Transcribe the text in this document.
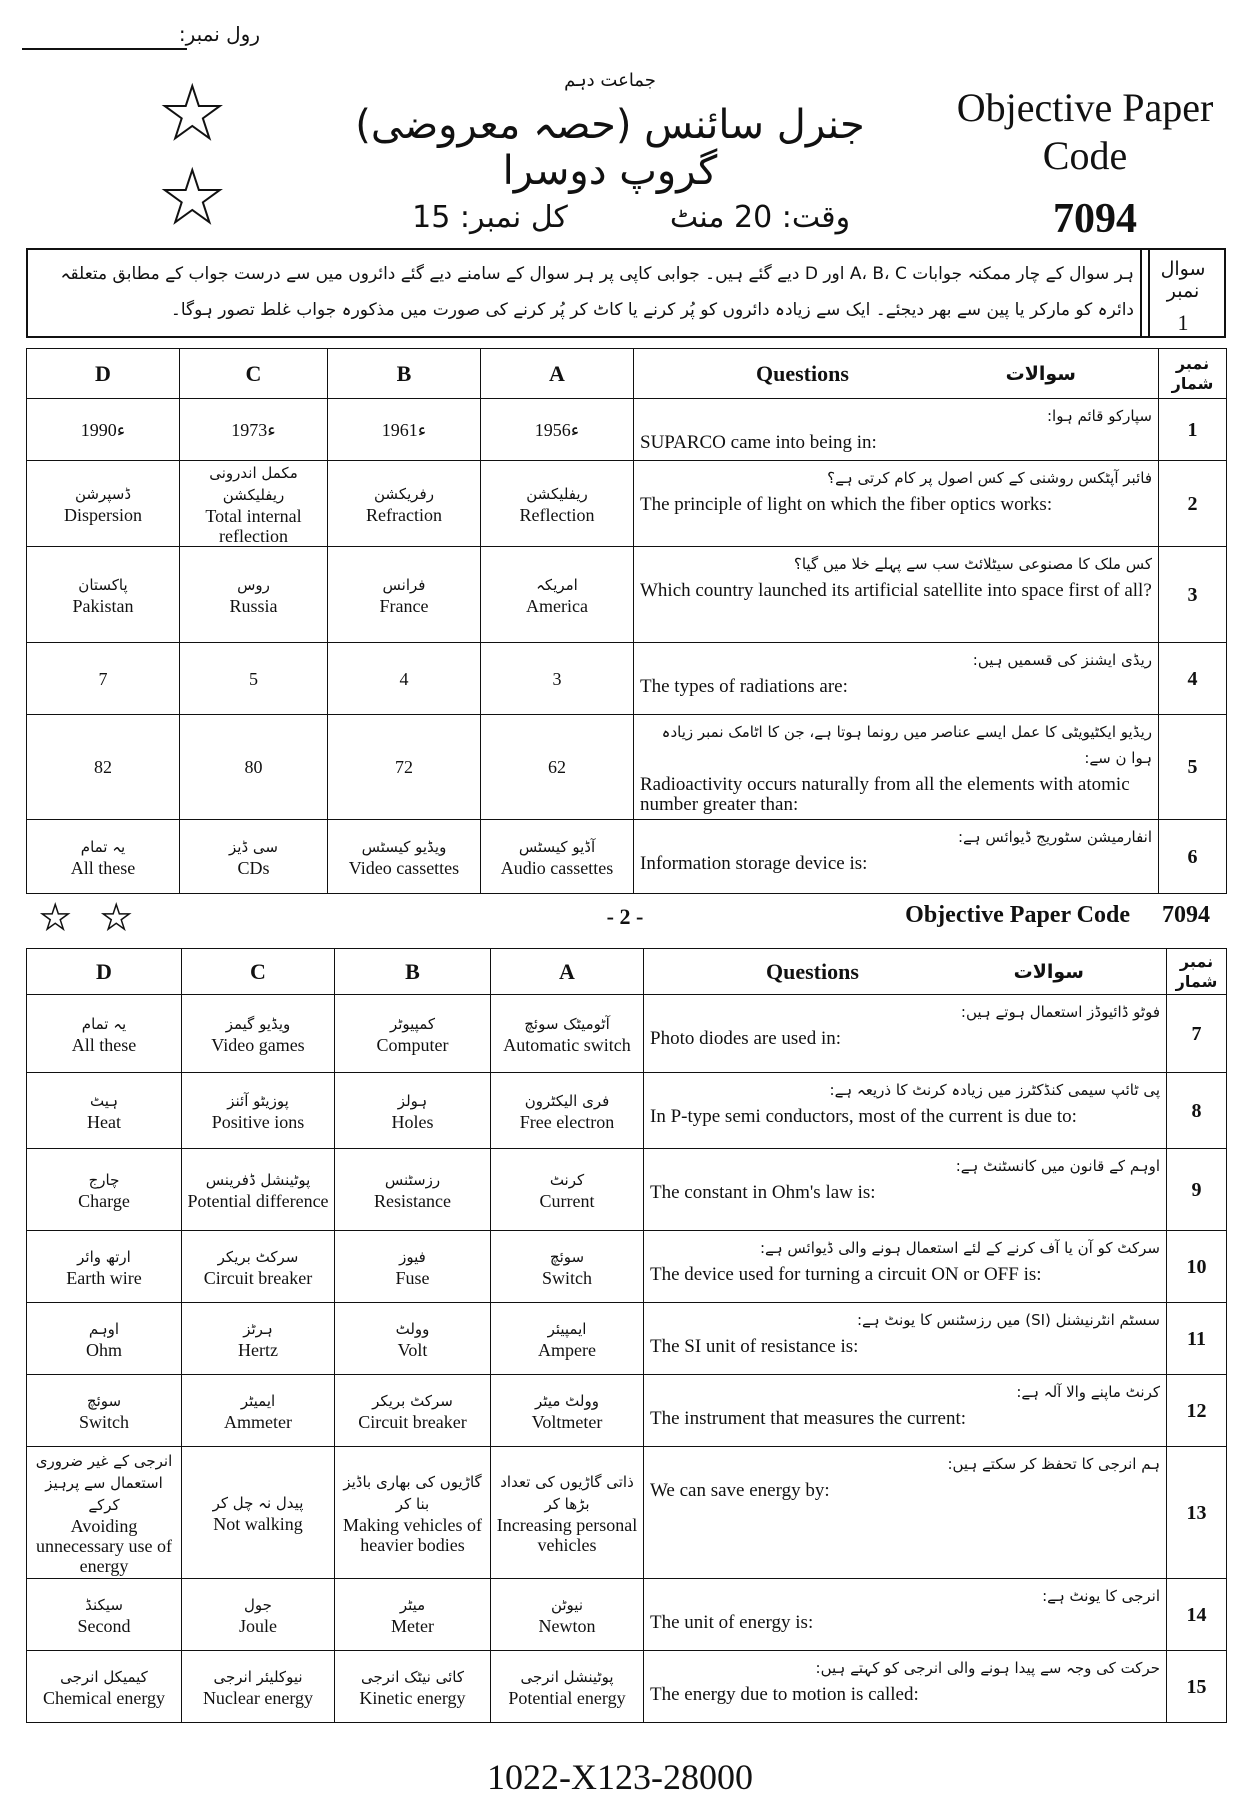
رول نمبر:
★
★
جماعت دہم
جنرل سائنس (حصہ معروضی) گروپ دوسرا
وقت: 20 منٹ
کل نمبر: 15
Objective Paper
Code
7094
سوال نمبر
1
ہر سوال کے چار ممکنہ جوابات A، B، C اور D دیے گئے ہیں۔ جوابی کاپی پر ہر سوال کے سامنے دیے گئے دائروں میں سے درست جواب کے مطابق متعلقہ دائرہ کو مارکر یا پین سے بھر دیجئے۔ ایک سے زیادہ دائروں کو پُر کرنے یا کاٹ کر پُر کرنے کی صورت میں مذکورہ جواب غلط تصور ہوگا۔
D	C	B	A	Questions سوالات	نمبر شمار
1990ء	1973ء	1961ء	1956ء	سپارکو قائم ہوا:
SUPARCO came into being in:	1

ڈسپرشن
Dispersion	مکمل اندرونی ریفلیکشن
Total internal reflection	رفریکشن
Refraction	ریفلیکشن
Reflection	فائبر آپٹکس روشنی کے کس اصول پر کام کرتی ہے؟
The principle of light on which the fiber optics works:	2

پاکستان
Pakistan	روس
Russia	فرانس
France	امریکہ
America	کس ملک کا مصنوعی سیٹلائٹ سب سے پہلے خلا میں گیا؟
Which country launched its artificial satellite into space first of all?	3
7	5	4	3	ریڈی ایشنز کی قسمیں ہیں:
The types of radiations are:	4
82	80	72	62	ریڈیو ایکٹیویٹی کا عمل ایسے عناصر میں رونما ہوتا ہے، جن کا اٹامک نمبر زیادہ ہوا ن سے:
Radioactivity occurs naturally from all the elements with atomic number greater than:	5

یہ تمام
All these	سی ڈیز
CDs	ویڈیو کیسٹس
Video cassettes	آڈیو کیسٹس
Audio cassettes	انفارمیشن سٹوریج ڈیوائس ہے:
Information storage device is:	6
★ ★	- 2 -	Objective Paper Code 7094
D	C	B	A	Questions سوالات	نمبر شمار

یہ تمام
All these	ویڈیو گیمز
Video games	کمپیوٹر
Computer	آٹومیٹک سوئچ
Automatic switch	فوٹو ڈائیوڈز استعمال ہوتے ہیں:
Photo diodes are used in:	7

ہیٹ
Heat	پوزیٹو آئنز
Positive ions	ہولز
Holes	فری الیکٹرون
Free electron	پی ٹائپ سیمی کنڈکٹرز میں زیادہ کرنٹ کا ذریعہ ہے:
In P-type semi conductors, most of the current is due to:	8

چارج
Charge	پوٹینشل ڈفرینس
Potential difference	رزسٹنس
Resistance	کرنٹ
Current	اوہم کے قانون میں کانسٹنٹ ہے:
The constant in Ohm's law is:	9

ارتھ وائر
Earth wire	سرکٹ بریکر
Circuit breaker	فیوز
Fuse	سوئچ
Switch	سرکٹ کو آن یا آف کرنے کے لئے استعمال ہونے والی ڈیوائس ہے:
The device used for turning a circuit ON or OFF is:	10

اوہم
Ohm	ہرٹز
Hertz	وولٹ
Volt	ایمپیئر
Ampere	سسٹم انٹرنیشنل (SI) میں رزسٹنس کا یونٹ ہے:
The SI unit of resistance is:	11

سوئچ
Switch	ایمیٹر
Ammeter	سرکٹ بریکر
Circuit breaker	وولٹ میٹر
Voltmeter	کرنٹ ماپنے والا آلہ ہے:
The instrument that measures the current:	12

انرجی کے غیر ضروری استعمال سے پرہیز کرکے
Avoiding unnecessary use of energy	پیدل نہ چل کر
Not walking	گاڑیوں کی بھاری باڈیز بنا کر
Making vehicles of heavier bodies	ذاتی گاڑیوں کی تعداد بڑھا کر
Increasing personal vehicles	ہم انرجی کا تحفظ کر سکتے ہیں:
We can save energy by:	13

سیکنڈ
Second	جول
Joule	میٹر
Meter	نیوٹن
Newton	انرجی کا یونٹ ہے:
The unit of energy is:	14

کیمیکل انرجی
Chemical energy	نیوکلیئر انرجی
Nuclear energy	کائی نیٹک انرجی
Kinetic energy	پوٹینشل انرجی
Potential energy	حرکت کی وجہ سے پیدا ہونے والی انرجی کو کہتے ہیں:
The energy due to motion is called:	15
1022-X123-28000
